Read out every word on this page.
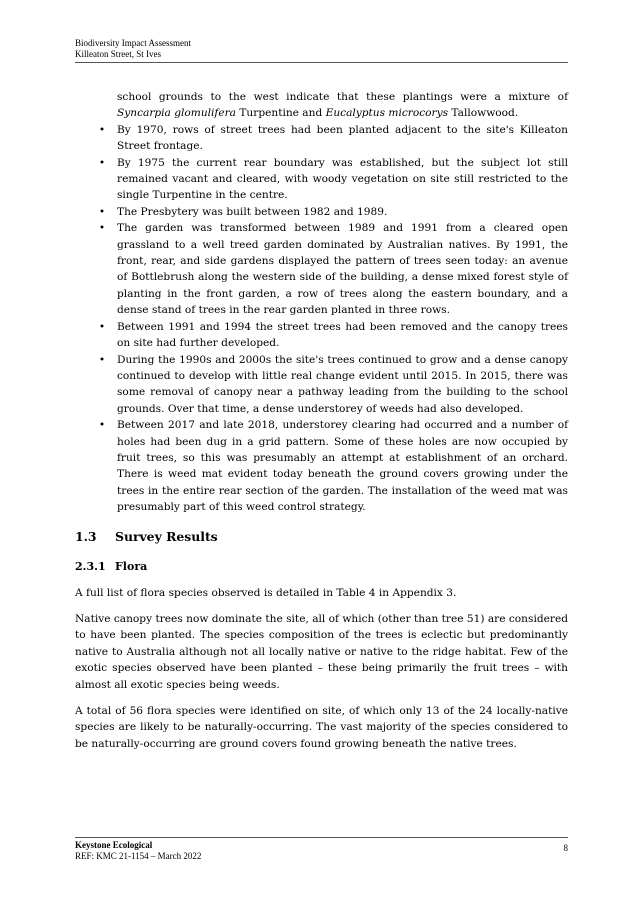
Biodiversity Impact Assessment
Killeaton Street, St Ives
school grounds to the west indicate that these plantings were a mixture of Syncarpia glomulifera Turpentine and Eucalyptus microcorys Tallowwood.
• By 1970, rows of street trees had been planted adjacent to the site's Killeaton Street frontage.
• By 1975 the current rear boundary was established, but the subject lot still remained vacant and cleared, with woody vegetation on site still restricted to the single Turpentine in the centre.
• The Presbytery was built between 1982 and 1989.
• The garden was transformed between 1989 and 1991 from a cleared open grassland to a well treed garden dominated by Australian natives. By 1991, the front, rear, and side gardens displayed the pattern of trees seen today: an avenue of Bottlebrush along the western side of the building, a dense mixed forest style of planting in the front garden, a row of trees along the eastern boundary, and a dense stand of trees in the rear garden planted in three rows.
• Between 1991 and 1994 the street trees had been removed and the canopy trees on site had further developed.
• During the 1990s and 2000s the site's trees continued to grow and a dense canopy continued to develop with little real change evident until 2015. In 2015, there was some removal of canopy near a pathway leading from the building to the school grounds. Over that time, a dense understorey of weeds had also developed.
• Between 2017 and late 2018, understorey clearing had occurred and a number of holes had been dug in a grid pattern. Some of these holes are now occupied by fruit trees, so this was presumably an attempt at establishment of an orchard. There is weed mat evident today beneath the ground covers growing under the trees in the entire rear section of the garden. The installation of the weed mat was presumably part of this weed control strategy.
1.3 Survey Results
2.3.1 Flora

A full list of flora species observed is detailed in Table 4 in Appendix 3.

Native canopy trees now dominate the site, all of which (other than tree 51) are considered to have been planted. The species composition of the trees is eclectic but predominantly native to Australia although not all locally native or native to the ridge habitat. Few of the exotic species observed have been planted – these being primarily the fruit trees – with almost all exotic species being weeds.

A total of 56 flora species were identified on site, of which only 13 of the 24 locally-native species are likely to be naturally-occurring. The vast majority of the species considered to be naturally-occurring are ground covers found growing beneath the native trees.

Keystone Ecological
REF: KMC 21-1154 – March 2022
8
